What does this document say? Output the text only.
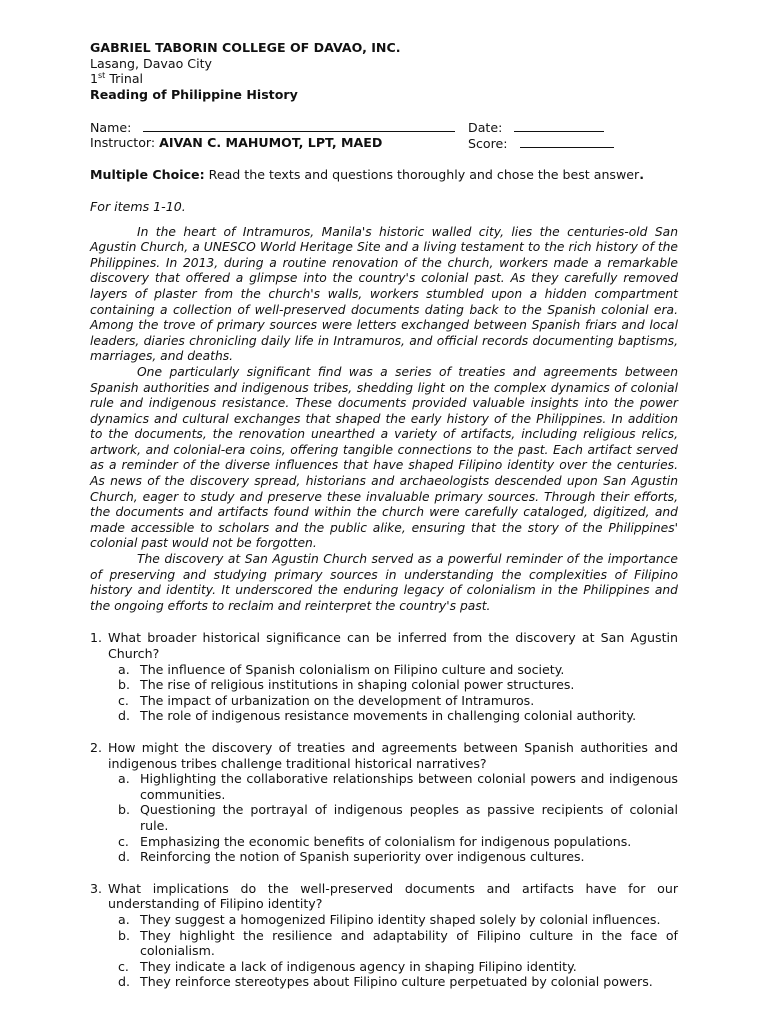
GABRIEL TABORIN COLLEGE OF DAVAO, INC.

Lasang, Davao City

1st Trinal

Reading of Philippine History

Name:	Date:
Instructor: AIVAN C. MAHUMOT, LPT, MAED	Score:
Multiple Choice: Read the texts and questions thoroughly and chose the best answer.
For items 1-10.

In the heart of Intramuros, Manila's historic walled city, lies the centuries-old San Agustin Church, a UNESCO World Heritage Site and a living testament to the rich history of the Philippines. In 2013, during a routine renovation of the church, workers made a remarkable discovery that offered a glimpse into the country's colonial past. As they carefully removed layers of plaster from the church's walls, workers stumbled upon a hidden compartment containing a collection of well-preserved documents dating back to the Spanish colonial era. Among the trove of primary sources were letters exchanged between Spanish friars and local leaders, diaries chronicling daily life in Intramuros, and official records documenting baptisms, marriages, and deaths.

One particularly significant find was a series of treaties and agreements between Spanish authorities and indigenous tribes, shedding light on the complex dynamics of colonial rule and indigenous resistance. These documents provided valuable insights into the power dynamics and cultural exchanges that shaped the early history of the Philippines. In addition to the documents, the renovation unearthed a variety of artifacts, including religious relics, artwork, and colonial-era coins, offering tangible connections to the past. Each artifact served as a reminder of the diverse influences that have shaped Filipino identity over the centuries. As news of the discovery spread, historians and archaeologists descended upon San Agustin Church, eager to study and preserve these invaluable primary sources. Through their efforts, the documents and artifacts found within the church were carefully cataloged, digitized, and made accessible to scholars and the public alike, ensuring that the story of the Philippines' colonial past would not be forgotten.

The discovery at San Agustin Church served as a powerful reminder of the importance of preserving and studying primary sources in understanding the complexities of Filipino history and identity. It underscored the enduring legacy of colonialism in the Philippines and the ongoing efforts to reclaim and reinterpret the country's past.

1. What broader historical significance can be inferred from the discovery at San Agustin Church?
a. The influence of Spanish colonialism on Filipino culture and society.
b. The rise of religious institutions in shaping colonial power structures.
c. The impact of urbanization on the development of Intramuros.
d. The role of indigenous resistance movements in challenging colonial authority.
2. How might the discovery of treaties and agreements between Spanish authorities and indigenous tribes challenge traditional historical narratives?
a. Highlighting the collaborative relationships between colonial powers and indigenous communities.
b. Questioning the portrayal of indigenous peoples as passive recipients of colonial rule.
c. Emphasizing the economic benefits of colonialism for indigenous populations.
d. Reinforcing the notion of Spanish superiority over indigenous cultures.
3. What implications do the well-preserved documents and artifacts have for our understanding of Filipino identity?
a. They suggest a homogenized Filipino identity shaped solely by colonial influences.
b. They highlight the resilience and adaptability of Filipino culture in the face of colonialism.
c. They indicate a lack of indigenous agency in shaping Filipino identity.
d. They reinforce stereotypes about Filipino culture perpetuated by colonial powers.
